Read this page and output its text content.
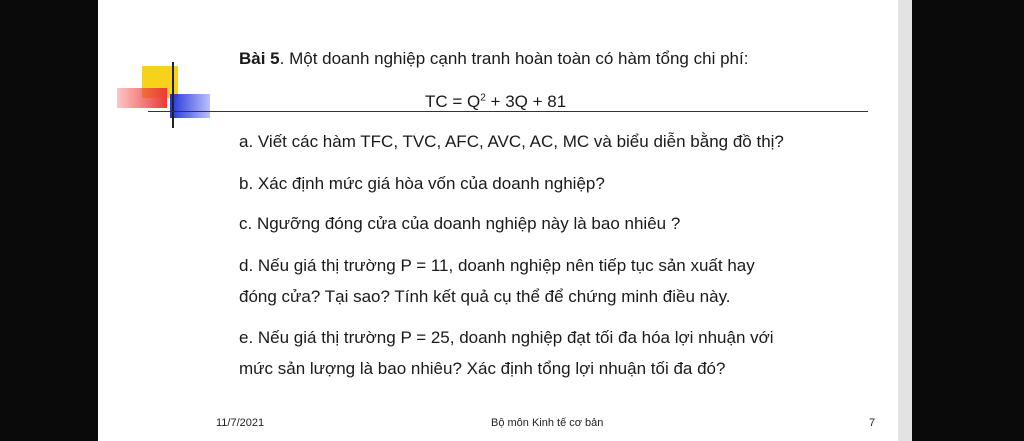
Bài 5. Một doanh nghiệp cạnh tranh hoàn toàn có hàm tổng chi phí:
TC = $Q^2 + 3Q + 81$
a. Viết các hàm TFC, TVC, AFC, AVC, AC, MC và biểu diễn bằng đồ thị?
b. Xác định mức giá hòa vốn của doanh nghiệp?
c. Ngưỡng đóng cửa của doanh nghiệp này là bao nhiêu ?
d. Nếu giá thị trường P = 11, doanh nghiệp nên tiếp tục sản xuất hay
đóng cửa? Tại sao? Tính kết quả cụ thể để chứng minh điều này.
e. Nếu giá thị trường P = 25, doanh nghiệp đạt tối đa hóa lợi nhuận với
mức sản lượng là bao nhiêu? Xác định tổng lợi nhuận tối đa đó?
11/7/2021	Bộ môn Kinh tế cơ bản	7
